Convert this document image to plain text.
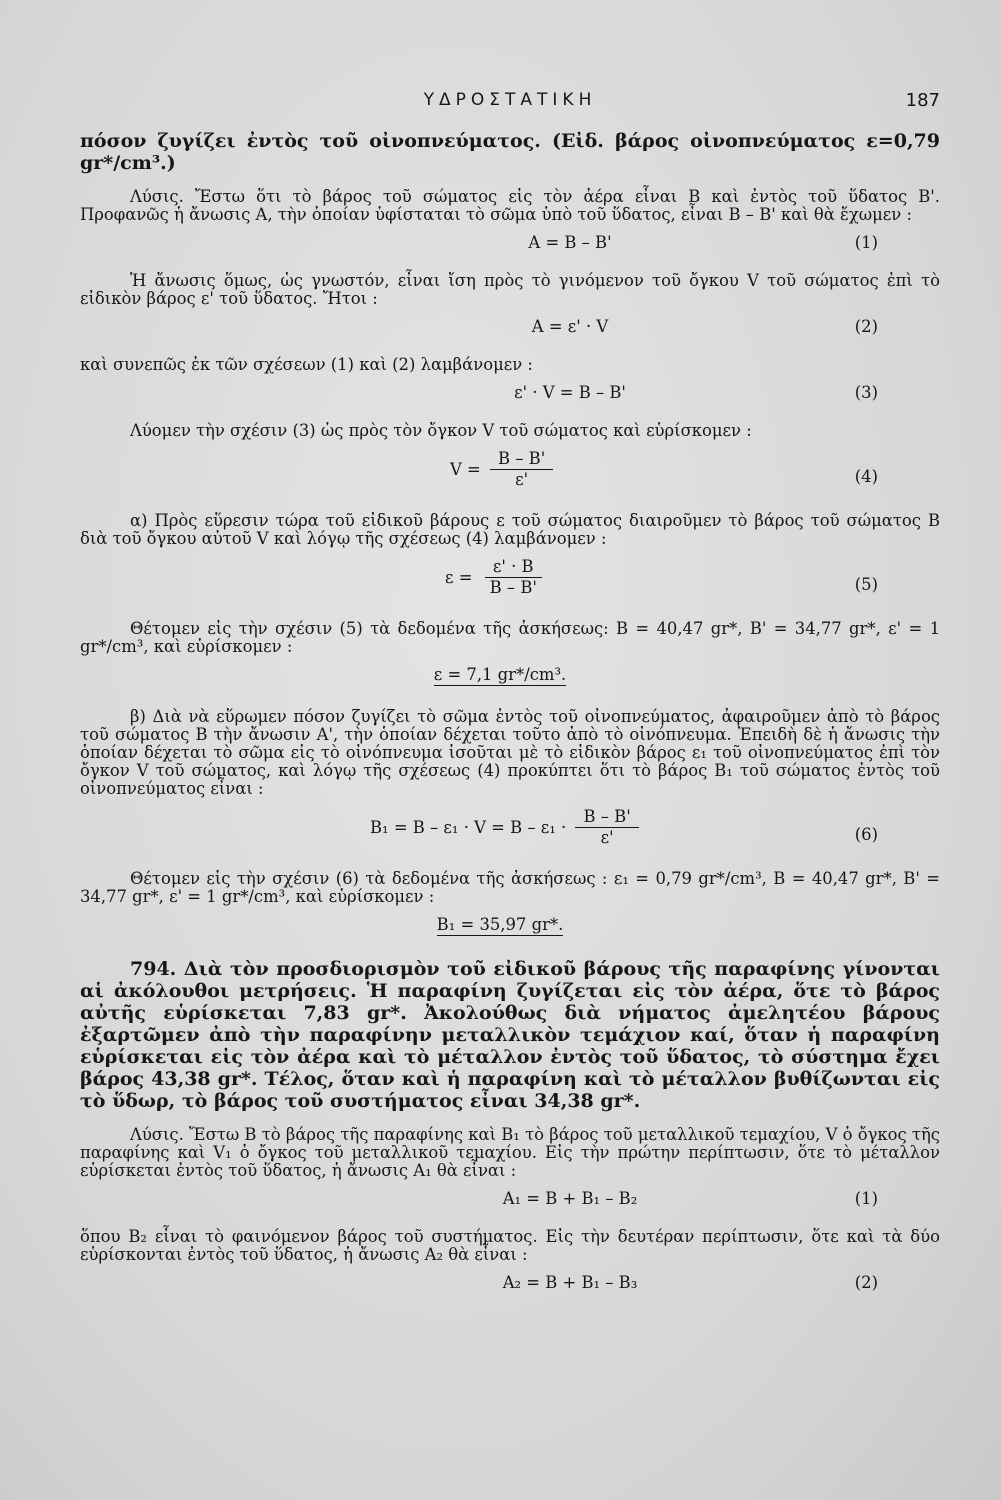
ΥΔΡΟΣΤΑΤΙΚΗ	187

πόσον ζυγίζει ἐντὸς τοῦ οἰνοπνεύματος. (Εἰδ. βάρος οἰνοπνεύματος ε=0,79 gr*/cm³.)

Λύσις. Ἔστω ὅτι τὸ βάρος τοῦ σώματος εἰς τὸν ἀέρα εἶναι Β καὶ ἐντὸς τοῦ ὕδατος Β'. Προφανῶς ἡ ἄνωσις Α, τὴν ὁποίαν ὑφίσταται τὸ σῶμα ὑπὸ τοῦ ὕδατος, εἶναι Β – Β' καὶ θὰ ἔχωμεν :

Α = Β – Β'	(1)

Ἡ ἄνωσις ὅμως, ὡς γνωστόν, εἶναι ἴση πρὸς τὸ γινόμενον τοῦ ὄγκου V τοῦ σώματος ἐπὶ τὸ εἰδικὸν βάρος ε' τοῦ ὕδατος. Ἤτοι :

Α = ε' · V	(2)

καὶ συνεπῶς ἐκ τῶν σχέσεων (1) καὶ (2) λαμβάνομεν :

ε' · V = Β – Β'	(3)

Λύομεν τὴν σχέσιν (3) ὡς πρὸς τὸν ὄγκον V τοῦ σώματος καὶ εὑρίσκομεν :

$V = \frac{B - B'}{\varepsilon'}$	(4)

α) Πρὸς εὕρεσιν τώρα τοῦ εἰδικοῦ βάρους ε τοῦ σώματος διαιροῦμεν τὸ βάρος τοῦ σώματος Β διὰ τοῦ ὄγκου αὐτοῦ V καὶ λόγῳ τῆς σχέσεως (4) λαμβάνομεν :

$\varepsilon = \frac{\varepsilon' \cdot B}{B - B'}$	(5)

Θέτομεν εἰς τὴν σχέσιν (5) τὰ δεδομένα τῆς ἀσκήσεως: Β = 40,47 gr*, Β' = 34,77 gr*, ε' = 1 gr*/cm³, καὶ εὑρίσκομεν :

ε = 7,1 gr*/cm³.

β) Διὰ νὰ εὕρωμεν πόσον ζυγίζει τὸ σῶμα ἐντὸς τοῦ οἰνοπνεύματος, ἀφαιροῦμεν ἀπὸ τὸ βάρος τοῦ σώματος Β τὴν ἄνωσιν Α', τὴν ὁποίαν δέχεται τοῦτο ἀπὸ τὸ οἰνόπνευμα. Ἐπειδὴ δὲ ἡ ἄνωσις τὴν ὁποίαν δέχεται τὸ σῶμα εἰς τὸ οἰνόπνευμα ἰσοῦται μὲ τὸ εἰδικὸν βάρος ε₁ τοῦ οἰνοπνεύματος ἐπὶ τὸν ὄγκον V τοῦ σώματος, καὶ λόγῳ τῆς σχέσεως (4) προκύπτει ὅτι τὸ βάρος Β₁ τοῦ σώματος ἐντὸς τοῦ οἰνοπνεύματος εἶναι :

$B_1 = B - \varepsilon_1 \cdot V = B - \varepsilon_1 \cdot \frac{B - B'}{\varepsilon'}$	(6)

Θέτομεν εἰς τὴν σχέσιν (6) τὰ δεδομένα τῆς ἀσκήσεως : ε₁ = 0,79 gr*/cm³, Β = 40,47 gr*, Β' = 34,77 gr*, ε' = 1 gr*/cm³, καὶ εὑρίσκομεν :

Β₁ = 35,97 gr*.

794. Διὰ τὸν προσδιορισμὸν τοῦ εἰδικοῦ βάρους τῆς παραφίνης γίνονται αἱ ἀκόλουθοι μετρήσεις. Ἡ παραφίνη ζυγίζεται εἰς τὸν ἀέρα, ὅτε τὸ βάρος αὐτῆς εὑρίσκεται 7,83 gr*. Ἀκολούθως διὰ νήματος ἀμελητέου βάρους ἐξαρτῶμεν ἀπὸ τὴν παραφίνην μεταλλικὸν τεμάχιον καί, ὅταν ἡ παραφίνη εὑρίσκεται εἰς τὸν ἀέρα καὶ τὸ μέταλλον ἐντὸς τοῦ ὕδατος, τὸ σύστημα ἔχει βάρος 43,38 gr*. Τέλος, ὅταν καὶ ἡ παραφίνη καὶ τὸ μέταλλον βυθίζωνται εἰς τὸ ὕδωρ, τὸ βάρος τοῦ συστήματος εἶναι 34,38 gr*.

Λύσις. Ἔστω Β τὸ βάρος τῆς παραφίνης καὶ Β₁ τὸ βάρος τοῦ μεταλλικοῦ τεμαχίου, V ὁ ὄγκος τῆς παραφίνης καὶ V₁ ὁ ὄγκος τοῦ μεταλλικοῦ τεμαχίου. Εἰς τὴν πρώτην περίπτωσιν, ὅτε τὸ μέταλλον εὑρίσκεται ἐντὸς τοῦ ὕδατος, ἡ ἄνωσις Α₁ θὰ εἶναι :

Α₁ = Β + Β₁ – Β₂	(1)

ὅπου Β₂ εἶναι τὸ φαινόμενον βάρος τοῦ συστήματος. Εἰς τὴν δευτέραν περίπτωσιν, ὅτε καὶ τὰ δύο εὑρίσκονται ἐντὸς τοῦ ὕδατος, ἡ ἄνωσις Α₂ θὰ εἶναι :

Α₂ = Β + Β₁ – Β₃	(2)
